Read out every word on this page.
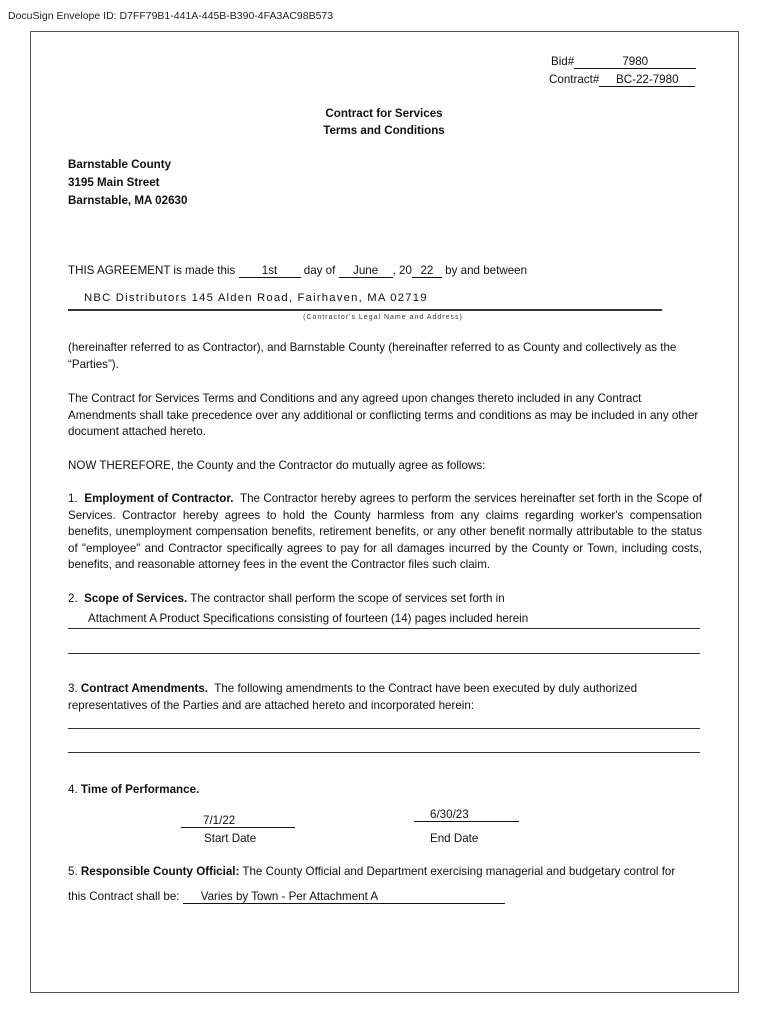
DocuSign Envelope ID: D7FF79B1-441A-445B-B390-4FA3AC98B573
Bid#	7980
Contract# BC-22-7980
Contract for Services
Terms and Conditions
Barnstable County
3195 Main Street
Barnstable, MA 02630
THIS AGREEMENT is made this 1st day of June , 20 22 by and between
NBC Distributors 145 Alden Road, Fairhaven, MA 02719
(Contractor's Legal Name and Address)
(hereinafter referred to as Contractor), and Barnstable County (hereinafter referred to as County and collectively as the “Parties”).
The Contract for Services Terms and Conditions and any agreed upon changes thereto included in any Contract Amendments shall take precedence over any additional or conflicting terms and conditions as may be included in any other document attached hereto.
NOW THEREFORE, the County and the Contractor do mutually agree as follows:
1. Employment of Contractor. The Contractor hereby agrees to perform the services hereinafter set forth in the Scope of Services. Contractor hereby agrees to hold the County harmless from any claims regarding worker's compensation benefits, unemployment compensation benefits, retirement benefits, or any other benefit normally attributable to the status of "employee" and Contractor specifically agrees to pay for all damages incurred by the County or Town, including costs, benefits, and reasonable attorney fees in the event the Contractor files such claim.
2. Scope of Services. The contractor shall perform the scope of services set forth in
Attachment A Product Specifications consisting of fourteen (14) pages included herein
3. Contract Amendments. The following amendments to the Contract have been executed by duly authorized representatives of the Parties and are attached hereto and incorporated herein:
4. Time of Performance.
7/1/22
Start Date
6/30/23
End Date
5. Responsible County Official: The County Official and Department exercising managerial and budgetary control for
this Contract shall be: Varies by Town - Per Attachment A
